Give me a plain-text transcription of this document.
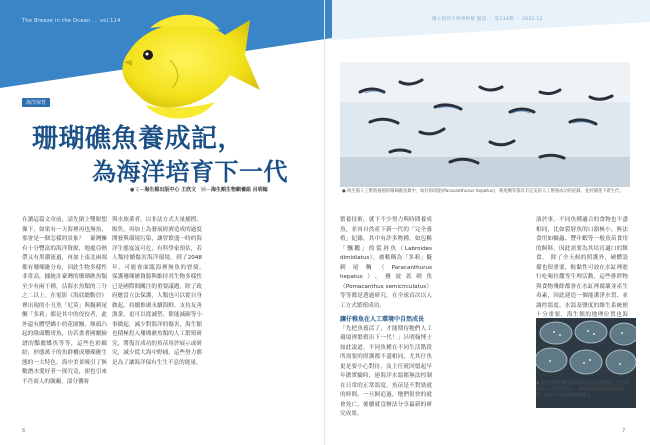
The Breeze in the Ocean ... vol.114	國立海洋生物博物館 館訊 ・ 第114期 ・ 2022.12
海洋保育
珊瑚礁魚養成記，
為海洋培育下一代
●文—海生館出版中心 王欣文 圖—海生館生物馴養組 呂明翰

在讀這篇文章前，請先閉上雙眼想像下，如果有一天海裡再也無魚，那會是一個怎樣的景象？　臺灣擁有十分豐富的海洋資源，地處亞熱帶又有黑潮流過，再加上南北兩端都有珊瑚礁分布，因此生物多樣性非常高，據統計臺灣的珊瑚礁魚類至少有兩千種，佔海水魚類的三分之二以上。在電影《海底總動員》裡出現的小丑魚「尼莫」與擬刺尾鯛「多莉」都是其中的佼佼者，此外還有體型嬌小的花園鰻、額頭凸起的隆頭鸚哥魚，彷若畫著國劇臉譜的豔麗蝶魚等等，這些色彩繽紛、形態萬千的魚群構成珊瑚礁生態的一大特色。海中美景吸引了無數潛水愛好者一探究竟，卻也引來不肖商人的覬覦，部分饕客

與水族業者，以非法方式大量捕撈、販售，再加上為發展經濟造成的過度開發與環境污染，讓曾繁盛一時的海洋生態岌岌可危，有科學家預估，若人類持續傷害海洋環境，到了2048年，可能會面臨海裡無魚的窘境。　保護珊瑚礁資源與維持其生物多樣性已是國際間關注的重要議題，除了政府應當立法保護，人類也可以從自身做起，持續推廣永續海鮮、支持友善漁業，更可以從減塑、節能減碳等小事做起，減少對海洋的傷害，海生館也積極投入珊瑚礁魚類的人工繁殖研究，將復育成功的魚苗用於展示或研究，減少從大海中野捕，這些努力都是為了讓海洋保有生生不息的能量。

● 海生館人工繁殖養殖的珊瑚礁魚類中，如紅海斑點(Paracanthurus hepatus)、刺尾鯛等都具有完美的人工繁殖成功的紀錄，並持續產下新生代。

繁養技術，就下不少努力與時間養成魚，並再自然產下新一代的「完全養殖」紀錄，其中有許多物種，如包稱「飄鸝」的裂唇魚（Labroides dimidiatus）、被暱稱為「多莉」擬刺尾鯛（Paracanthurus hepatus）、疊波蓋刺魚（Pomacanthus semicirculatus）等等都是透過研究，在全球首次以人工方式繁殖成功。

讓仔稚魚在人工環境中自然成長

「先把魚養活了，才能期待牠們人工環境裡繁殖出下一代！」呂明翰博士如此說道。不同魚種在不同生活階段所需要的照護都不盡相同，尤其仔魚更是要小心對待，及主任就回憶起早年做實驗時，連海洋水溫都無法控制在日常的正常溫度，魚苗是不對勁就的時間，一旦飼追過，牠們很快的就會死亡，後續就沒辦法分享最新的研究成果。

演於事。不同魚種適合的食物也不盡相同，比如裂唇魚的口器極小，無法食用如輪蟲、豐年蝦等一般魚苗食用的飼料，因此需要為其培育適口的餌食。　除了全天候的照護外，硬體設備也很重要，較黏性可放在水缸裡進行吃喝拉撒等生理活動，這些排泄物與食物殘餘都會在水缸裡腐壞並產生毒素，因此建造一個能潔淨水質、並調控溫度、水溫及鹽度的維生系統便十分重要，海生館的地理位置也海

● 海生館利用繁殖技術成功育成各種魚苗，這些魚苗在人工環境下成長，並持續提供研究與保育使用，減少從大海中捕捉的壓力。
6	7
